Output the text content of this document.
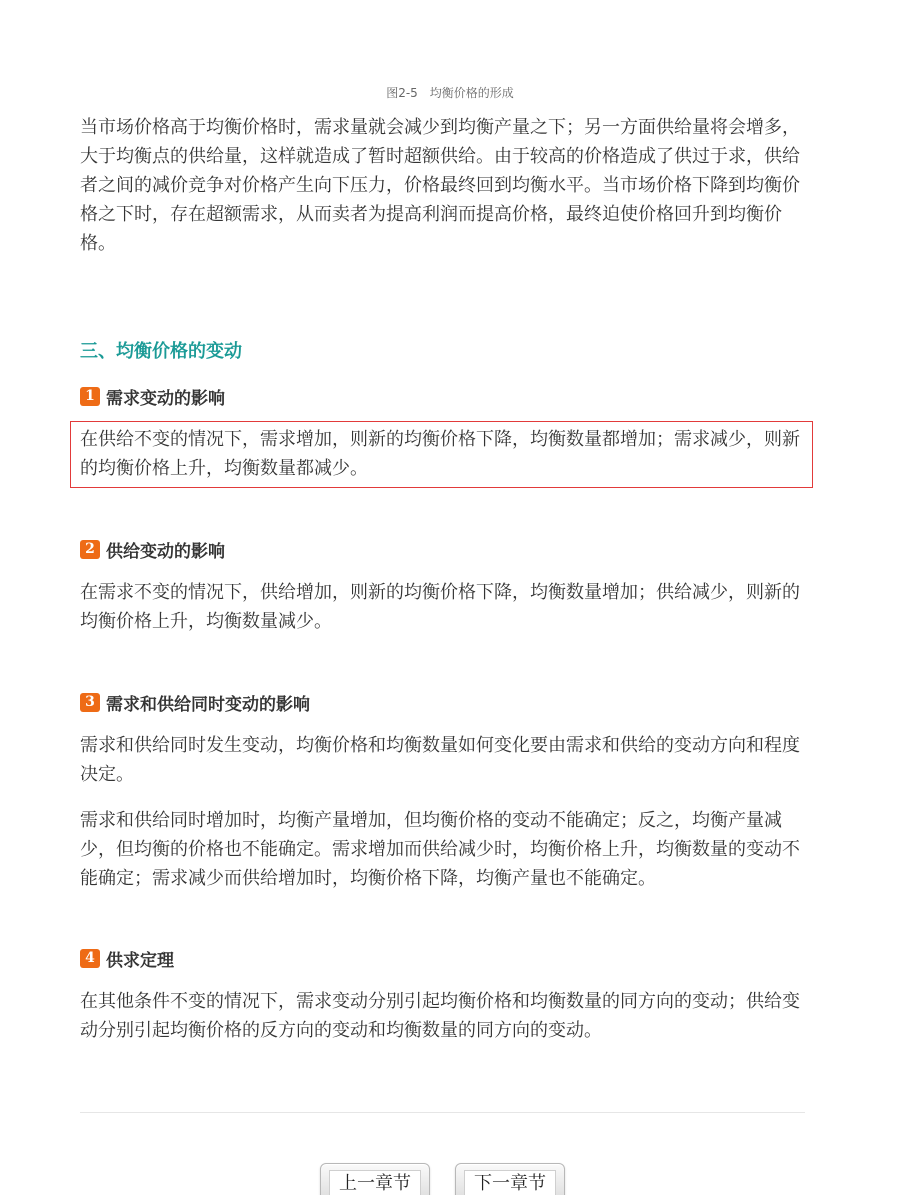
图2-5　均衡价格的形成

当市场价格高于均衡价格时，需求量就会减少到均衡产量之下；另一方面供给量将会增多，大于均衡点的供给量，这样就造成了暂时超额供给。由于较高的价格造成了供过于求，供给者之间的减价竞争对价格产生向下压力，价格最终回到均衡水平。当市场价格下降到均衡价格之下时，存在超额需求，从而卖者为提高利润而提高价格，最终迫使价格回升到均衡价格。

三、均衡价格的变动
1 需求变动的影响

在供给不变的情况下，需求增加，则新的均衡价格下降，均衡数量都增加；需求减少，则新的均衡价格上升，均衡数量都减少。

2 供给变动的影响

在需求不变的情况下，供给增加，则新的均衡价格下降，均衡数量增加；供给减少，则新的均衡价格上升，均衡数量减少。

3 需求和供给同时变动的影响

需求和供给同时发生变动，均衡价格和均衡数量如何变化要由需求和供给的变动方向和程度决定。

需求和供给同时增加时，均衡产量增加，但均衡价格的变动不能确定；反之，均衡产量减少，但均衡的价格也不能确定。需求增加而供给减少时，均衡价格上升，均衡数量的变动不能确定；需求减少而供给增加时，均衡价格下降，均衡产量也不能确定。

4 供求定理

在其他条件不变的情况下，需求变动分别引起均衡价格和均衡数量的同方向的变动；供给变动分别引起均衡价格的反方向的变动和均衡数量的同方向的变动。

上一章节	下一章节
